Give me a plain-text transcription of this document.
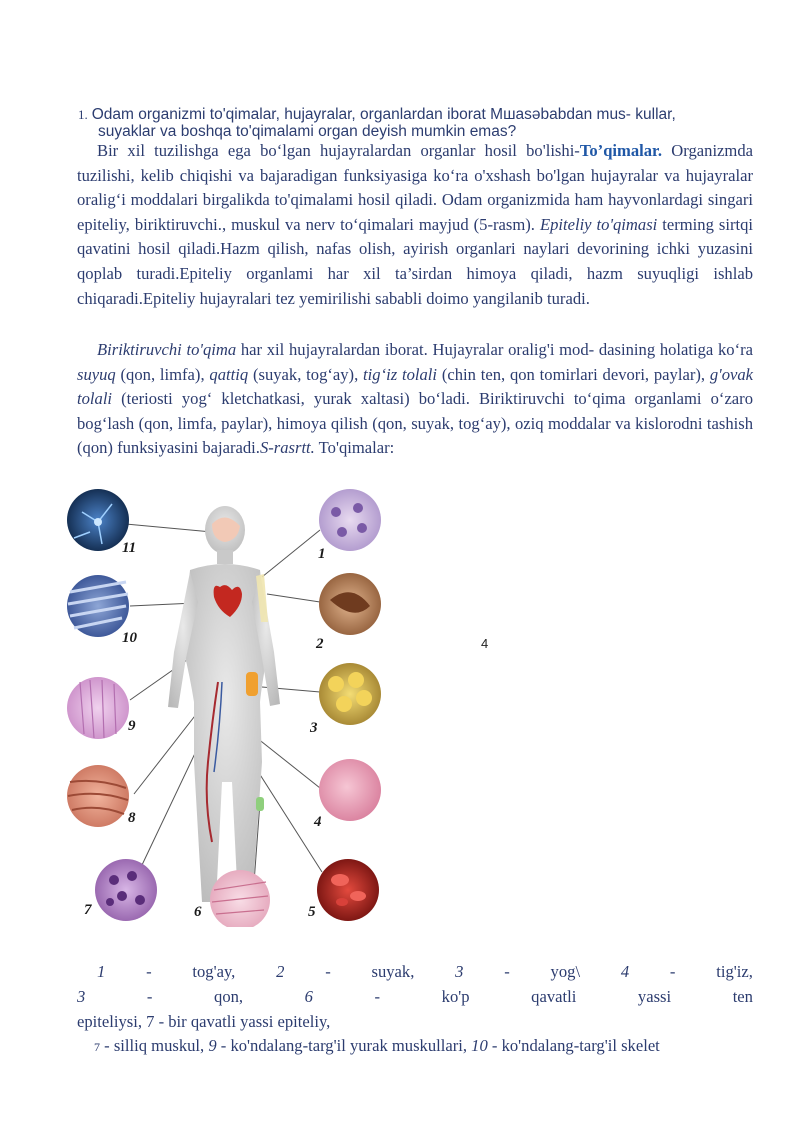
1. Odam organizmi to'qimalar, hujayralar, organlardan iborat Mшasəbabdan mus- kullar,
suyaklar va boshqa to'qimalami organ deyish mumkin emas?
Bir xil tuzilishga ega bo‘lgan hujayralardan organlar hosil bo'lishi-To’qimalar. Organizmda tuzilishi, kelib chiqishi va bajaradigan funksiyasiga ko‘ra o'xshash bo'lgan hujayralar va hujayralar oralig‘i moddalari birgalikda to'qimalami hosil qiladi. Odam organizmida ham hayvonlardagi singari epiteliy, biriktiruvchi., muskul va nerv to‘qimalari mayjud (5-rasm). Epiteliy to'qimasi terming sirtqi qavatini hosil qiladi.Hazm qilish, nafas olish, ayirish organlari naylari devorining ichki yuzasini qoplab turadi.Epiteliy organlami har xil ta’sirdan himoya qiladi, hazm suyuqligi ishlab chiqaradi.Epiteliy hujayralari tez yemirilishi sababli doimo yangilanib turadi.
Biriktiruvchi to'qima har xil hujayralardan iborat. Hujayralar oralig'i mod- dasining holatiga ko‘ra suyuq (qon, limfa), qattiq (suyak, tog‘ay), tig‘iz tolali (chin ten, qon tomirlari devori, paylar), g'ovak tolali (teriosti yog‘ kletchatkasi, yurak xaltasi) bo‘ladi. Biriktiruvchi to‘qima organlami o‘zaro bog‘lash (qon, limfa, paylar), himoya qilish (qon, suyak, tog‘ay), oziq moddalar va kislorodni tashish (qon) funksiyasini bajaradi.S-rasrtt. To'qimalar:
1
2
3
4
5
6
7
8
9
10
11
4
1 - tog'ay, 2 - suyak, 3 - yog\ 4 - tig'iz,
3	-	qon,	6	-	ko'p	qavatli	yassi	ten
epiteliysi, 7 - bir qavatli yassi epiteliy,
7 - silliq muskul, 9 - ko'ndalang-targ'il yurak muskullari, 10 - ko'ndalang-targ'il skelet
